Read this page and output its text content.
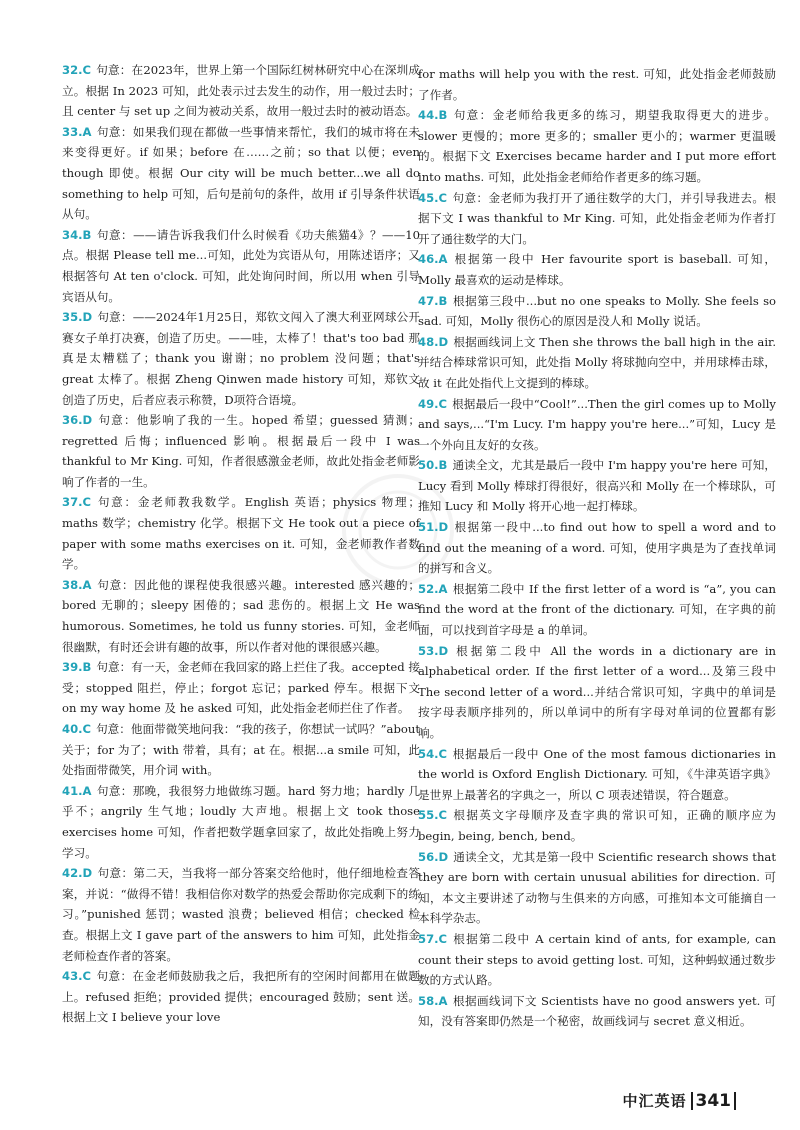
32.C 句意：在2023年，世界上第一个国际红树林研究中心在深圳成立。根据 In 2023 可知，此处表示过去发生的动作，用一般过去时；且 center 与 set up 之间为被动关系，故用一般过去时的被动语态。

33.A 句意：如果我们现在都做一些事情来帮忙，我们的城市将在未来变得更好。if 如果；before 在……之前；so that 以便；even though 即使。根据 Our city will be much better...we all do something to help 可知，后句是前句的条件，故用 if 引导条件状语从句。

34.B 句意：——请告诉我我们什么时候看《功夫熊猫4》？——10点。根据 Please tell me...可知，此处为宾语从句，用陈述语序；又根据答句 At ten o'clock. 可知，此处询问时间，所以用 when 引导宾语从句。

35.D 句意：——2024年1月25日，郑钦文闯入了澳大利亚网球公开赛女子单打决赛，创造了历史。——哇，太棒了！that's too bad 那真是太糟糕了；thank you 谢谢；no problem 没问题；that's great 太棒了。根据 Zheng Qinwen made history 可知，郑钦文创造了历史，后者应表示称赞，D项符合语境。

36.D 句意：他影响了我的一生。hoped 希望；guessed 猜测；regretted 后悔；influenced 影响。根据最后一段中 I was thankful to Mr King. 可知，作者很感激金老师，故此处指金老师影响了作者的一生。

37.C 句意：金老师教我数学。English 英语；physics 物理；maths 数学；chemistry 化学。根据下文 He took out a piece of paper with some maths exercises on it. 可知，金老师教作者数学。

38.A 句意：因此他的课程使我很感兴趣。interested 感兴趣的；bored 无聊的；sleepy 困倦的；sad 悲伤的。根据上文 He was humorous. Sometimes, he told us funny stories. 可知，金老师很幽默，有时还会讲有趣的故事，所以作者对他的课很感兴趣。

39.B 句意：有一天，金老师在我回家的路上拦住了我。accepted 接受；stopped 阻拦，停止；forgot 忘记；parked 停车。根据下文 on my way home 及 he asked 可知，此处指金老师拦住了作者。

40.C 句意：他面带微笑地问我：“我的孩子，你想试一试吗？”about 关于；for 为了；with 带着，具有；at 在。根据...a smile 可知，此处指面带微笑，用介词 with。

41.A 句意：那晚，我很努力地做练习题。hard 努力地；hardly 几乎不；angrily 生气地；loudly 大声地。根据上文 took those exercises home 可知，作者把数学题拿回家了，故此处指晚上努力学习。

42.D 句意：第二天，当我将一部分答案交给他时，他仔细地检查答案，并说：“做得不错！我相信你对数学的热爱会帮助你完成剩下的练习。”punished 惩罚；wasted 浪费；believed 相信；checked 检查。根据上文 I gave part of the answers to him 可知，此处指金老师检查作者的答案。

43.C 句意：在金老师鼓励我之后，我把所有的空闲时间都用在做题上。refused 拒绝；provided 提供；encouraged 鼓励；sent 送。根据上文 I believe your love

for maths will help you with the rest. 可知，此处指金老师鼓励了作者。

44.B 句意：金老师给我更多的练习，期望我取得更大的进步。slower 更慢的；more 更多的；smaller 更小的；warmer 更温暖的。根据下文 Exercises became harder and I put more effort into maths. 可知，此处指金老师给作者更多的练习题。

45.C 句意：金老师为我打开了通往数学的大门，并引导我进去。根据下文 I was thankful to Mr King. 可知，此处指金老师为作者打开了通往数学的大门。

46.A 根据第一段中 Her favourite sport is baseball. 可知，Molly 最喜欢的运动是棒球。

47.B 根据第三段中...but no one speaks to Molly. She feels so sad. 可知，Molly 很伤心的原因是没人和 Molly 说话。

48.D 根据画线词上文 Then she throws the ball high in the air. 并结合棒球常识可知，此处指 Molly 将球抛向空中，并用球棒击球，故 it 在此处指代上文提到的棒球。

49.C 根据最后一段中“Cool!”...Then the girl comes up to Molly and says,...“I'm Lucy. I'm happy you're here...”可知，Lucy 是一个外向且友好的女孩。

50.B 通读全文，尤其是最后一段中 I'm happy you're here 可知，Lucy 看到 Molly 棒球打得很好，很高兴和 Molly 在一个棒球队，可推知 Lucy 和 Molly 将开心地一起打棒球。

51.D 根据第一段中...to find out how to spell a word and to find out the meaning of a word. 可知，使用字典是为了查找单词的拼写和含义。

52.A 根据第二段中 If the first letter of a word is “a”, you can find the word at the front of the dictionary. 可知，在字典的前面，可以找到首字母是 a 的单词。

53.D 根据第二段中 All the words in a dictionary are in alphabetical order. If the first letter of a word...及第三段中 The second letter of a word...并结合常识可知，字典中的单词是按字母表顺序排列的，所以单词中的所有字母对单词的位置都有影响。

54.C 根据最后一段中 One of the most famous dictionaries in the world is Oxford English Dictionary. 可知，《牛津英语字典》是世界上最著名的字典之一，所以 C 项表述错误，符合题意。

55.C 根据英文字母顺序及查字典的常识可知，正确的顺序应为 begin, being, bench, bend。

56.D 通读全文，尤其是第一段中 Scientific research shows that they are born with certain unusual abilities for direction. 可知，本文主要讲述了动物与生俱来的方向感，可推知本文可能摘自一本科学杂志。

57.C 根据第二段中 A certain kind of ants, for example, can count their steps to avoid getting lost. 可知，这种蚂蚁通过数步数的方式认路。

58.A 根据画线词下文 Scientists have no good answers yet. 可知，没有答案即仍然是一个秘密，故画线词与 secret 意义相近。

中汇英语 341
